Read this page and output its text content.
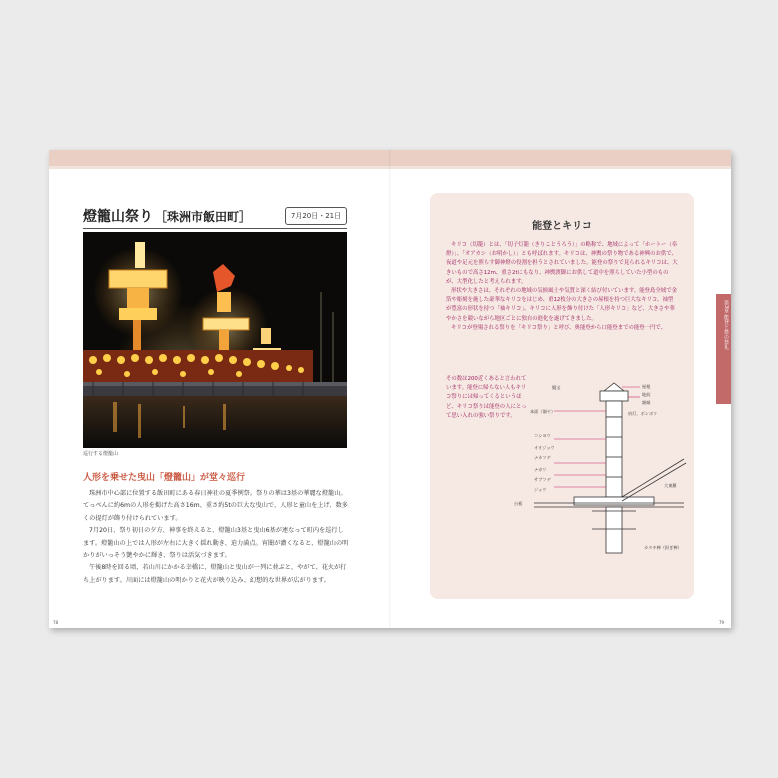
燈籠山祭り ［珠洲市飯田町］	7月20日・21日
巡行する燈籠山
人形を乗せた曳山「燈籠山」が堂々巡行

珠洲市中心部に位置する飯田町にある春日神社の夏季例祭。祭りの華は3基の華麗な燈籠山。てっぺんに約6mの人形を掲げた高さ16m、重さ約5tの巨大な曳山で、人形と童山を上げ、数多くの提灯が飾り付けられています。

7月20日、祭り初日の夕方、神事を終えると、燈籠山3基と曳山6基が連なって町内を巡行します。燈籠山の上では人形が左右に大きく揺れ動き、迫力満点。宵闇が濃くなると、燈籠山の明かりがいっそう艶やかに輝き、祭りは活気づきます。

午後8時を回る頃、若山川にかかる幸橋に、燈籠山と曳山が一列に並ぶと、やがて、花火が打ち上がります。川面には燈籠山の明かりと花火が映り込み、幻想的な世界が広がります。

78
能登とキリコ

キリコ（切籠）とは、「切子灯籠（きりことうろう）」の略称で、地域によって「ホートー（奉燈）」、「オアカシ（お明かし）」とも呼ばれます。キリコは、神輿の祭り物である神興のお供で、夜道や足元を照らす御神燈の役割を担うとされていました。能登の祭りで見られるキリコは、大きいもので高さ12m、重さ2tにもなり、神輿渡御にお供して道中を照らしていた小型のものが、大型化したと考えられます。

形状や大きさは、それぞれの地域の気候風土や気質と深く結び付いています。能登島全域で金箔や彫刻を施した豪華なキリコをはじめ、重12枚分の大きさの屋根を持つ巨大なキリコ、袖型が豊富の形状を持つ「袖キリコ」、キリコに人形を飾り付けた「人形キリコ」など、大きさや華やかさを競いながら地区ごとに独自の進化を遂げてきました。

キリコが登場される祭りを「キリコ祭り」と呼び、奥能登から口能登までの能登一円で、

その数は200近くあると言われています。能登に帰らない人もキリコ祭りには帰ってくるというほど、キリコ祭りは能登の人にとって思い入れの強い祭りです。
擬宝	屋根
地紋
額縁
本面（額ヤ）	肩灯、ボンボリ
コシヨウ
オオジョウ
ナカフデ
ナガリ
台板
カタキ棒（担ぎ棒）
大東羅
サブフデ
ジョウ
第3章 能登と祭の祭礼
79
